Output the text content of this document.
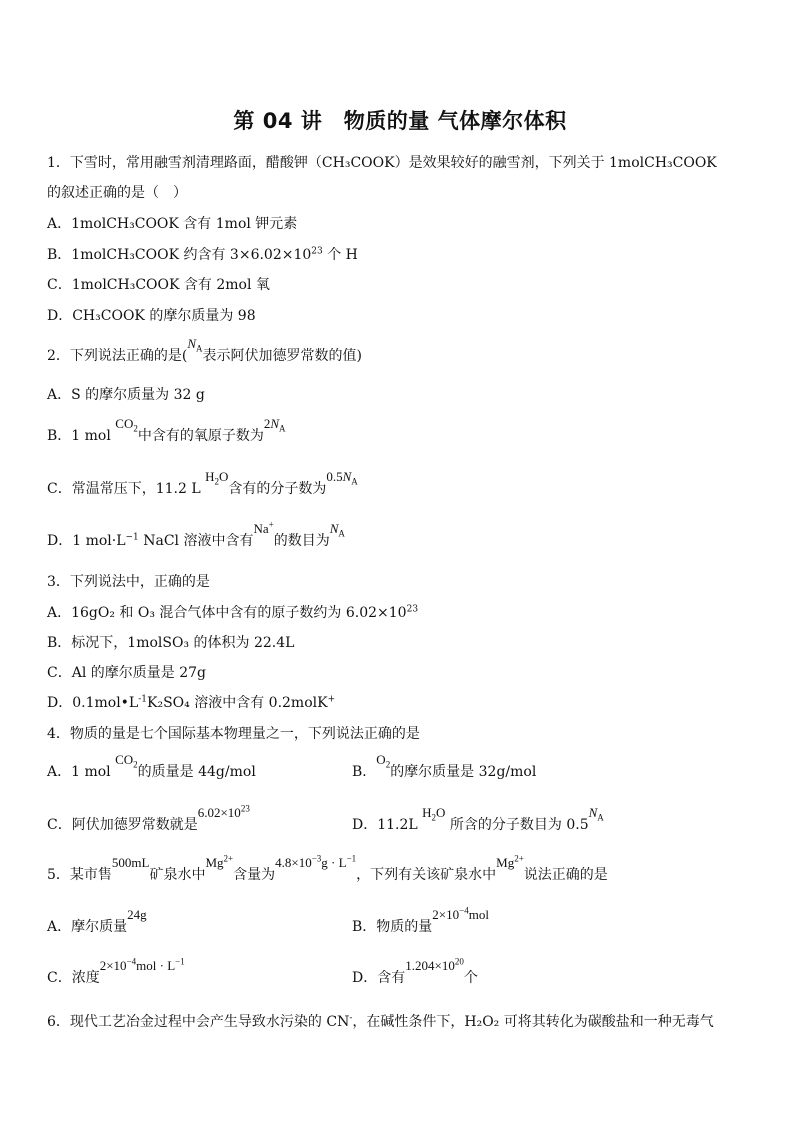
第 04 讲　物质的量 气体摩尔体积
1．下雪时，常用融雪剂清理路面，醋酸钾（CH₃COOK）是效果较好的融雪剂，下列关于 1molCH₃COOK
的叙述正确的是（　）
A．1molCH₃COOK 含有 1mol 钾元素
B．1molCH₃COOK 约含有 $3\times 6.02\times 10^{23}$ 个 H
C．1molCH₃COOK 含有 2mol 氧
D．CH₃COOK 的摩尔质量为 98
2．下列说法正确的是($N_A$表示阿伏加德罗常数的值)
A．S 的摩尔质量为 32 g
B．1 mol $CO_2$中含有的氧原子数为$2N_A$
C．常温常压下，11.2 L $H_2O$含有的分子数为$0.5N_A$
D．1 $mol\cdot L^{-1}$ NaCl 溶液中含有Na+的数目为$N_A$
3．下列说法中，正确的是
A．16gO₂ 和 O₃ 混合气体中含有的原子数约为 $6.02\times 10^{23}$
B．标况下，1molSO₃ 的体积为 22.4L
C．Al 的摩尔质量是 27g
D．$0.1mol•L^{-1}K_2SO_4$ 溶液中含有 0.2molK+
4．物质的量是七个国际基本物理量之一，下列说法正确的是
A．1 mol $CO_2$的质量是 44g/mol	B．$O_2$的摩尔质量是 32g/mol
C．阿伏加德罗常数就是$6.02\times 10^{23}$
D．11.2L $H_2O$ 所含的分子数目为 $0.5N_A$
5．某市售500mL矿泉水中$Mg^{2+}$含量为$4.8\times 10^{-3}g \cdot L^{-1}$，下列有关该矿泉水中$Mg^{2+}$说法正确的是
A．摩尔质量24g
B．物质的量$2\times 10^{-4}mol$
C．浓度$2\times 10^{-4}mol \cdot L^{-1}$
D．含有$1.204\times 10^{20}$个
6．现代工艺冶金过程中会产生导致水污染的 CN-，在碱性条件下，H₂O₂ 可将其转化为碳酸盐和一种无毒气
